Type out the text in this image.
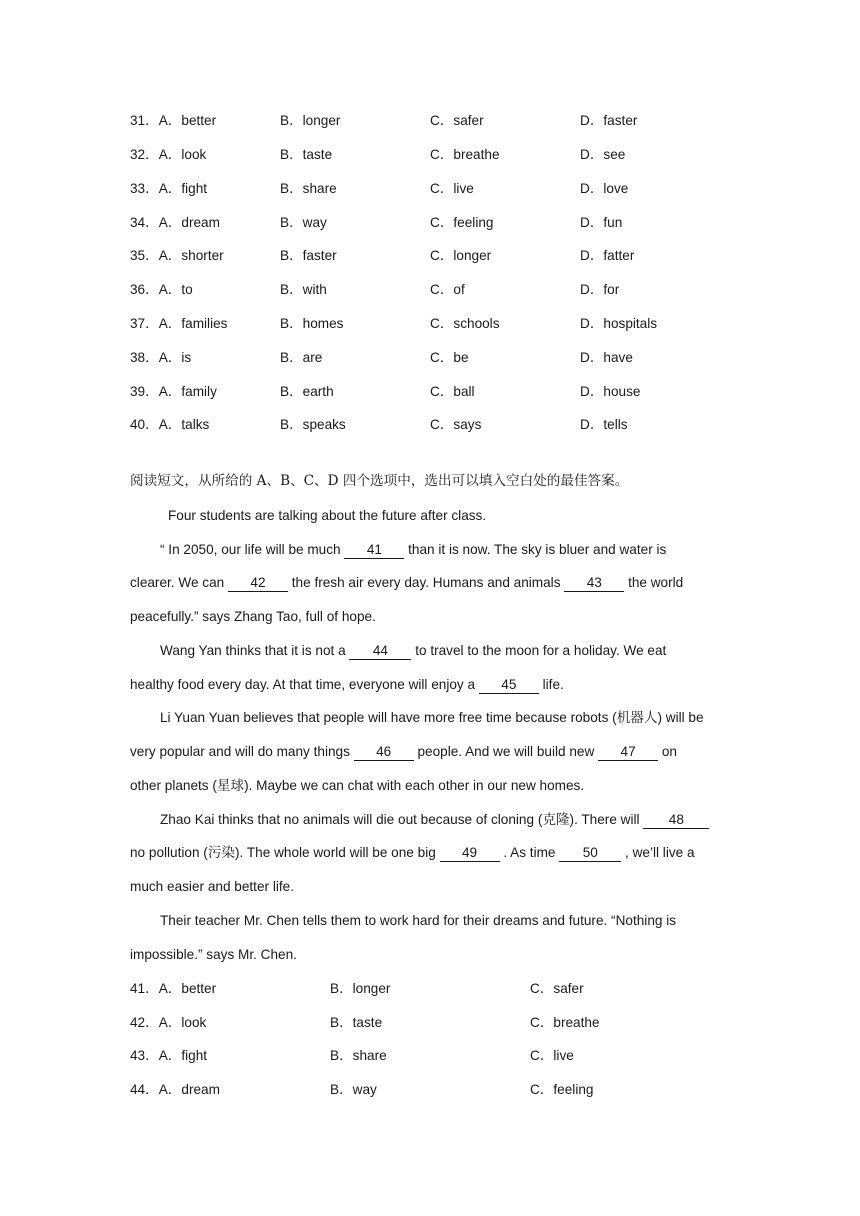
31．A．better	B．longer	C．safer	D．faster
32．A．look	B．taste	C．breathe	D．see
33．A．fight	B．share	C．live	D．love
34．A．dream	B．way	C．feeling	D．fun
35．A．shorter	B．faster	C．longer	D．fatter
36．A．to	B．with	C．of	D．for
37．A．families	B．homes	C．schools	D．hospitals
38．A．is	B．are	C．be	D．have
39．A．family	B．earth	C．ball	D．house
40．A．talks	B．speaks	C．says	D．tells
阅读短文，从所给的 A、B、C、D 四个选项中，选出可以填入空白处的最佳答案。
Four students are talking about the future after class.
“ In 2050, our life will be much 41 than it is now. The sky is bluer and water is
clearer. We can 42 the fresh air every day. Humans and animals 43 the world
peacefully.” says Zhang Tao, full of hope.
Wang Yan thinks that it is not a 44 to travel to the moon for a holiday. We eat
healthy food every day. At that time, everyone will enjoy a 45 life.
Li Yuan Yuan believes that people will have more free time because robots (机器人) will be
very popular and will do many things 46 people. And we will build new 47 on
other planets (星球). Maybe we can chat with each other in our new homes.
Zhao Kai thinks that no animals will die out because of cloning (克隆). There will 48
no pollution (污染). The whole world will be one big 49 . As time 50 , we’ll live a
much easier and better life.
Their teacher Mr. Chen tells them to work hard for their dreams and future. “Nothing is
impossible.” says Mr. Chen.
41．A．better	B．longer	C．safer
42．A．look	B．taste	C．breathe
43．A．fight	B．share	C．live
44．A．dream	B．way	C．feeling
